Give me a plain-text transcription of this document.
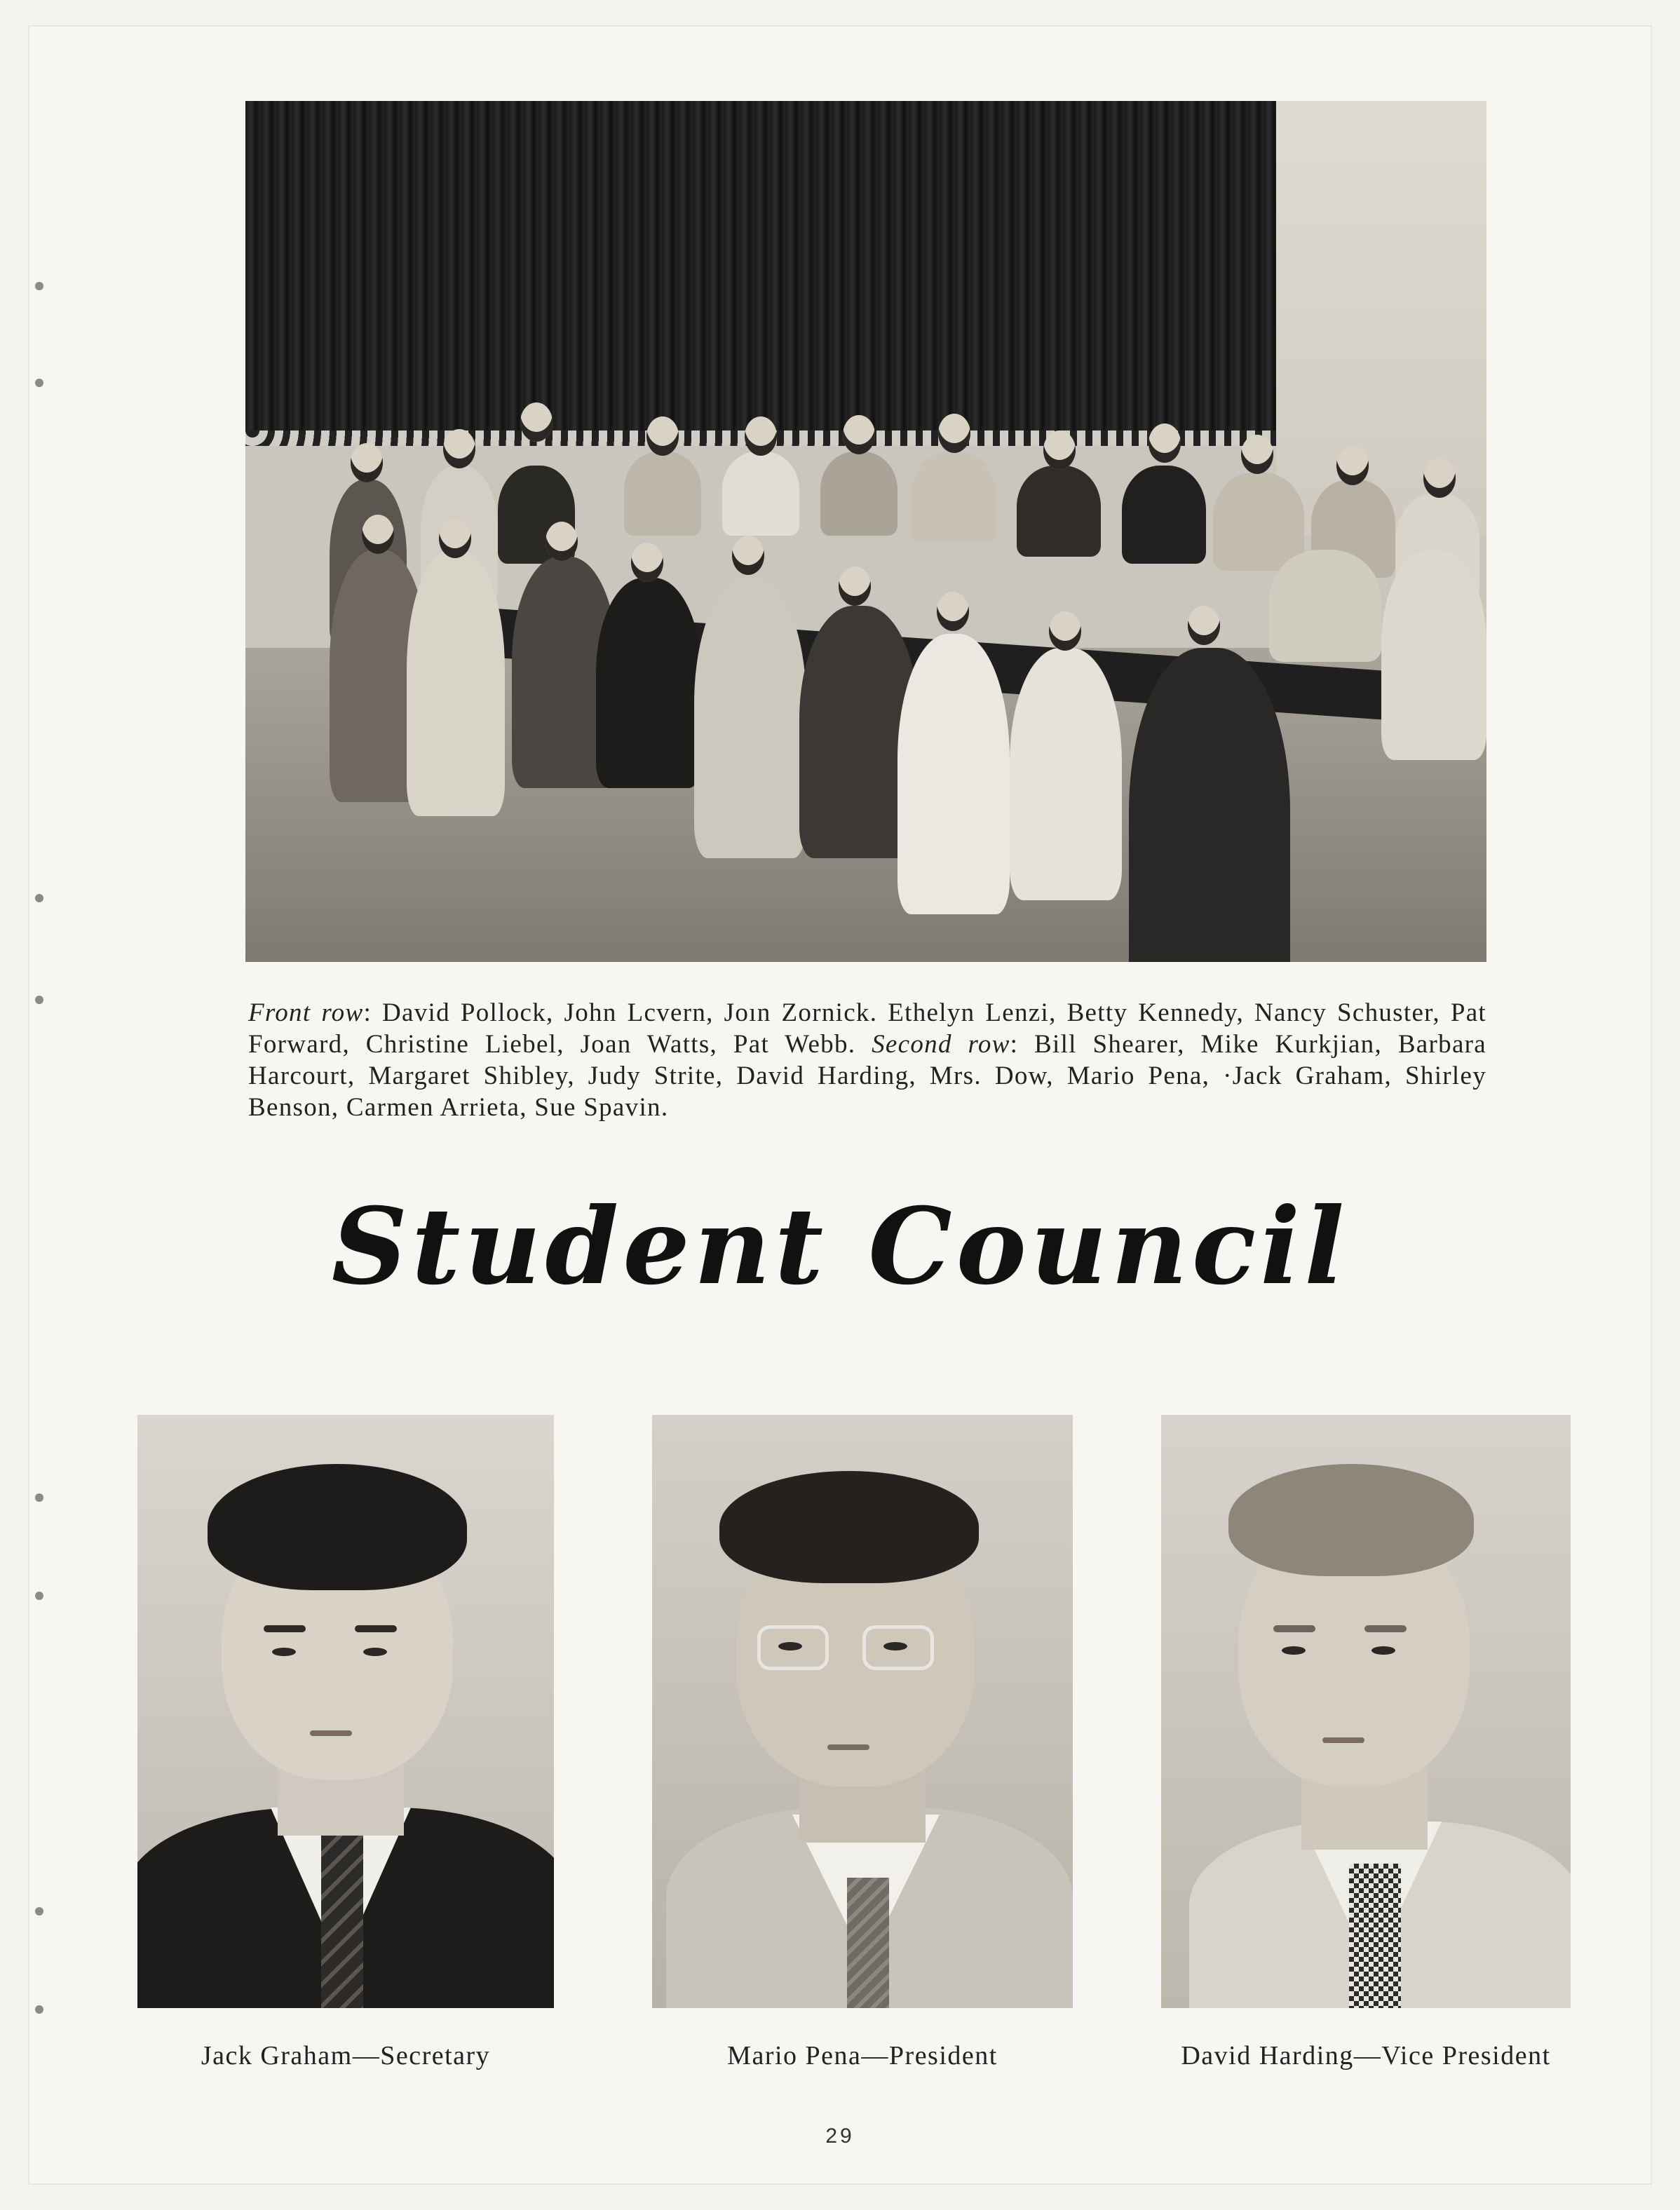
Front row: David Pollock, John Lcvern, Joın Zornick. Ethelyn Lenzi, Betty Kennedy, Nancy Schuster, Pat Forward, Christine Liebel, Joan Watts, Pat Webb. Second row: Bill Shearer, Mike Kurkjian, Barbara Harcourt, Margaret Shibley, Judy Strite, David Harding, Mrs. Dow, Mario Pena, ·Jack Graham, Shirley Benson, Carmen Arrieta, Sue Spavin.
Student Council
Jack Graham—Secretary	Mario Pena—President	David Harding—Vice President
29
